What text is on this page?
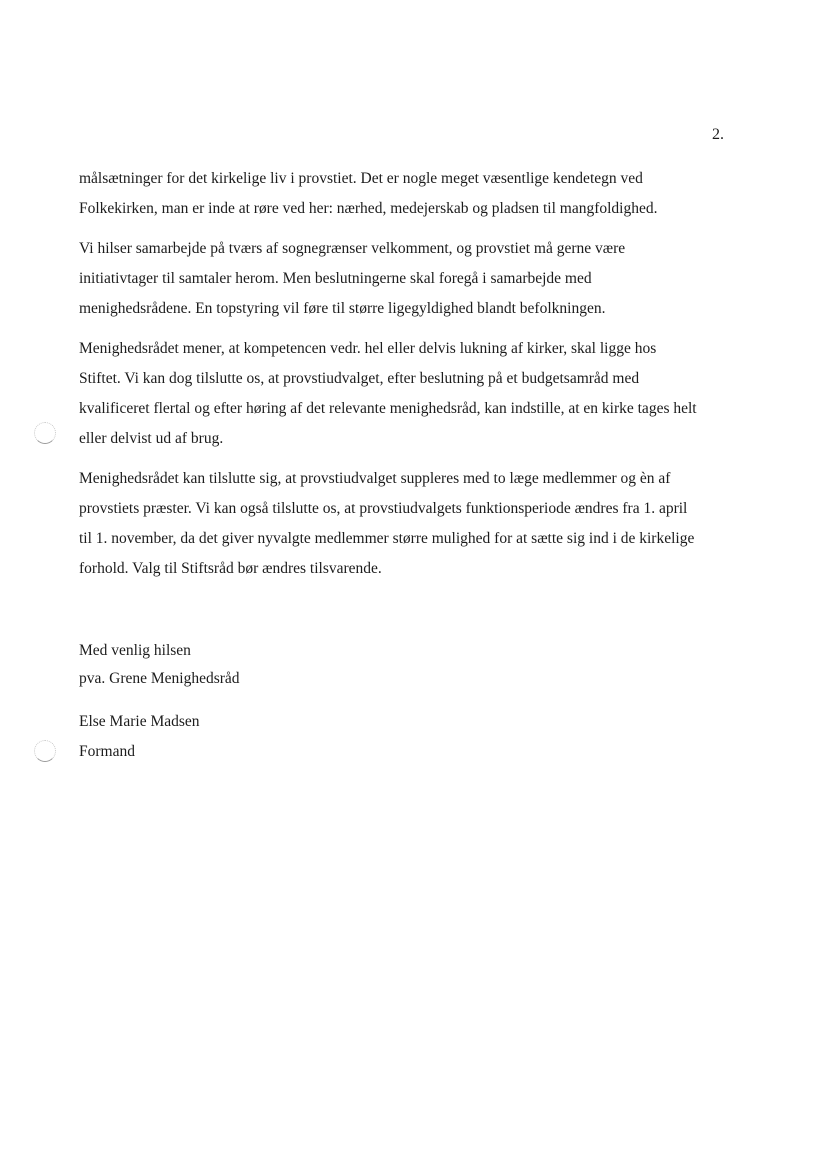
2.
målsætninger for det kirkelige liv i provstiet. Det er nogle meget væsentlige kendetegn ved
Folkekirken, man er inde at røre ved her: nærhed, medejerskab og pladsen til mangfoldighed.
Vi hilser samarbejde på tværs af sognegrænser velkomment, og provstiet må gerne være
initiativtager til samtaler herom. Men beslutningerne skal foregå i samarbejde med
menighedsrådene. En topstyring vil føre til større ligegyldighed blandt befolkningen.
Menighedsrådet mener, at kompetencen vedr. hel eller delvis lukning af kirker, skal ligge hos
Stiftet. Vi kan dog tilslutte os, at provstiudvalget, efter beslutning på et budgetsamråd med
kvalificeret flertal og efter høring af det relevante menighedsråd, kan indstille, at en kirke tages helt
eller delvist ud af brug.
Menighedsrådet kan tilslutte sig, at provstiudvalget suppleres med to læge medlemmer og èn af
provstiets præster. Vi kan også tilslutte os, at provstiudvalgets funktionsperiode ændres fra 1. april
til 1. november, da det giver nyvalgte medlemmer større mulighed for at sætte sig ind i de kirkelige
forhold. Valg til Stiftsråd bør ændres tilsvarende.
Med venlig hilsen
pva. Grene Menighedsråd
Else Marie Madsen
Formand
